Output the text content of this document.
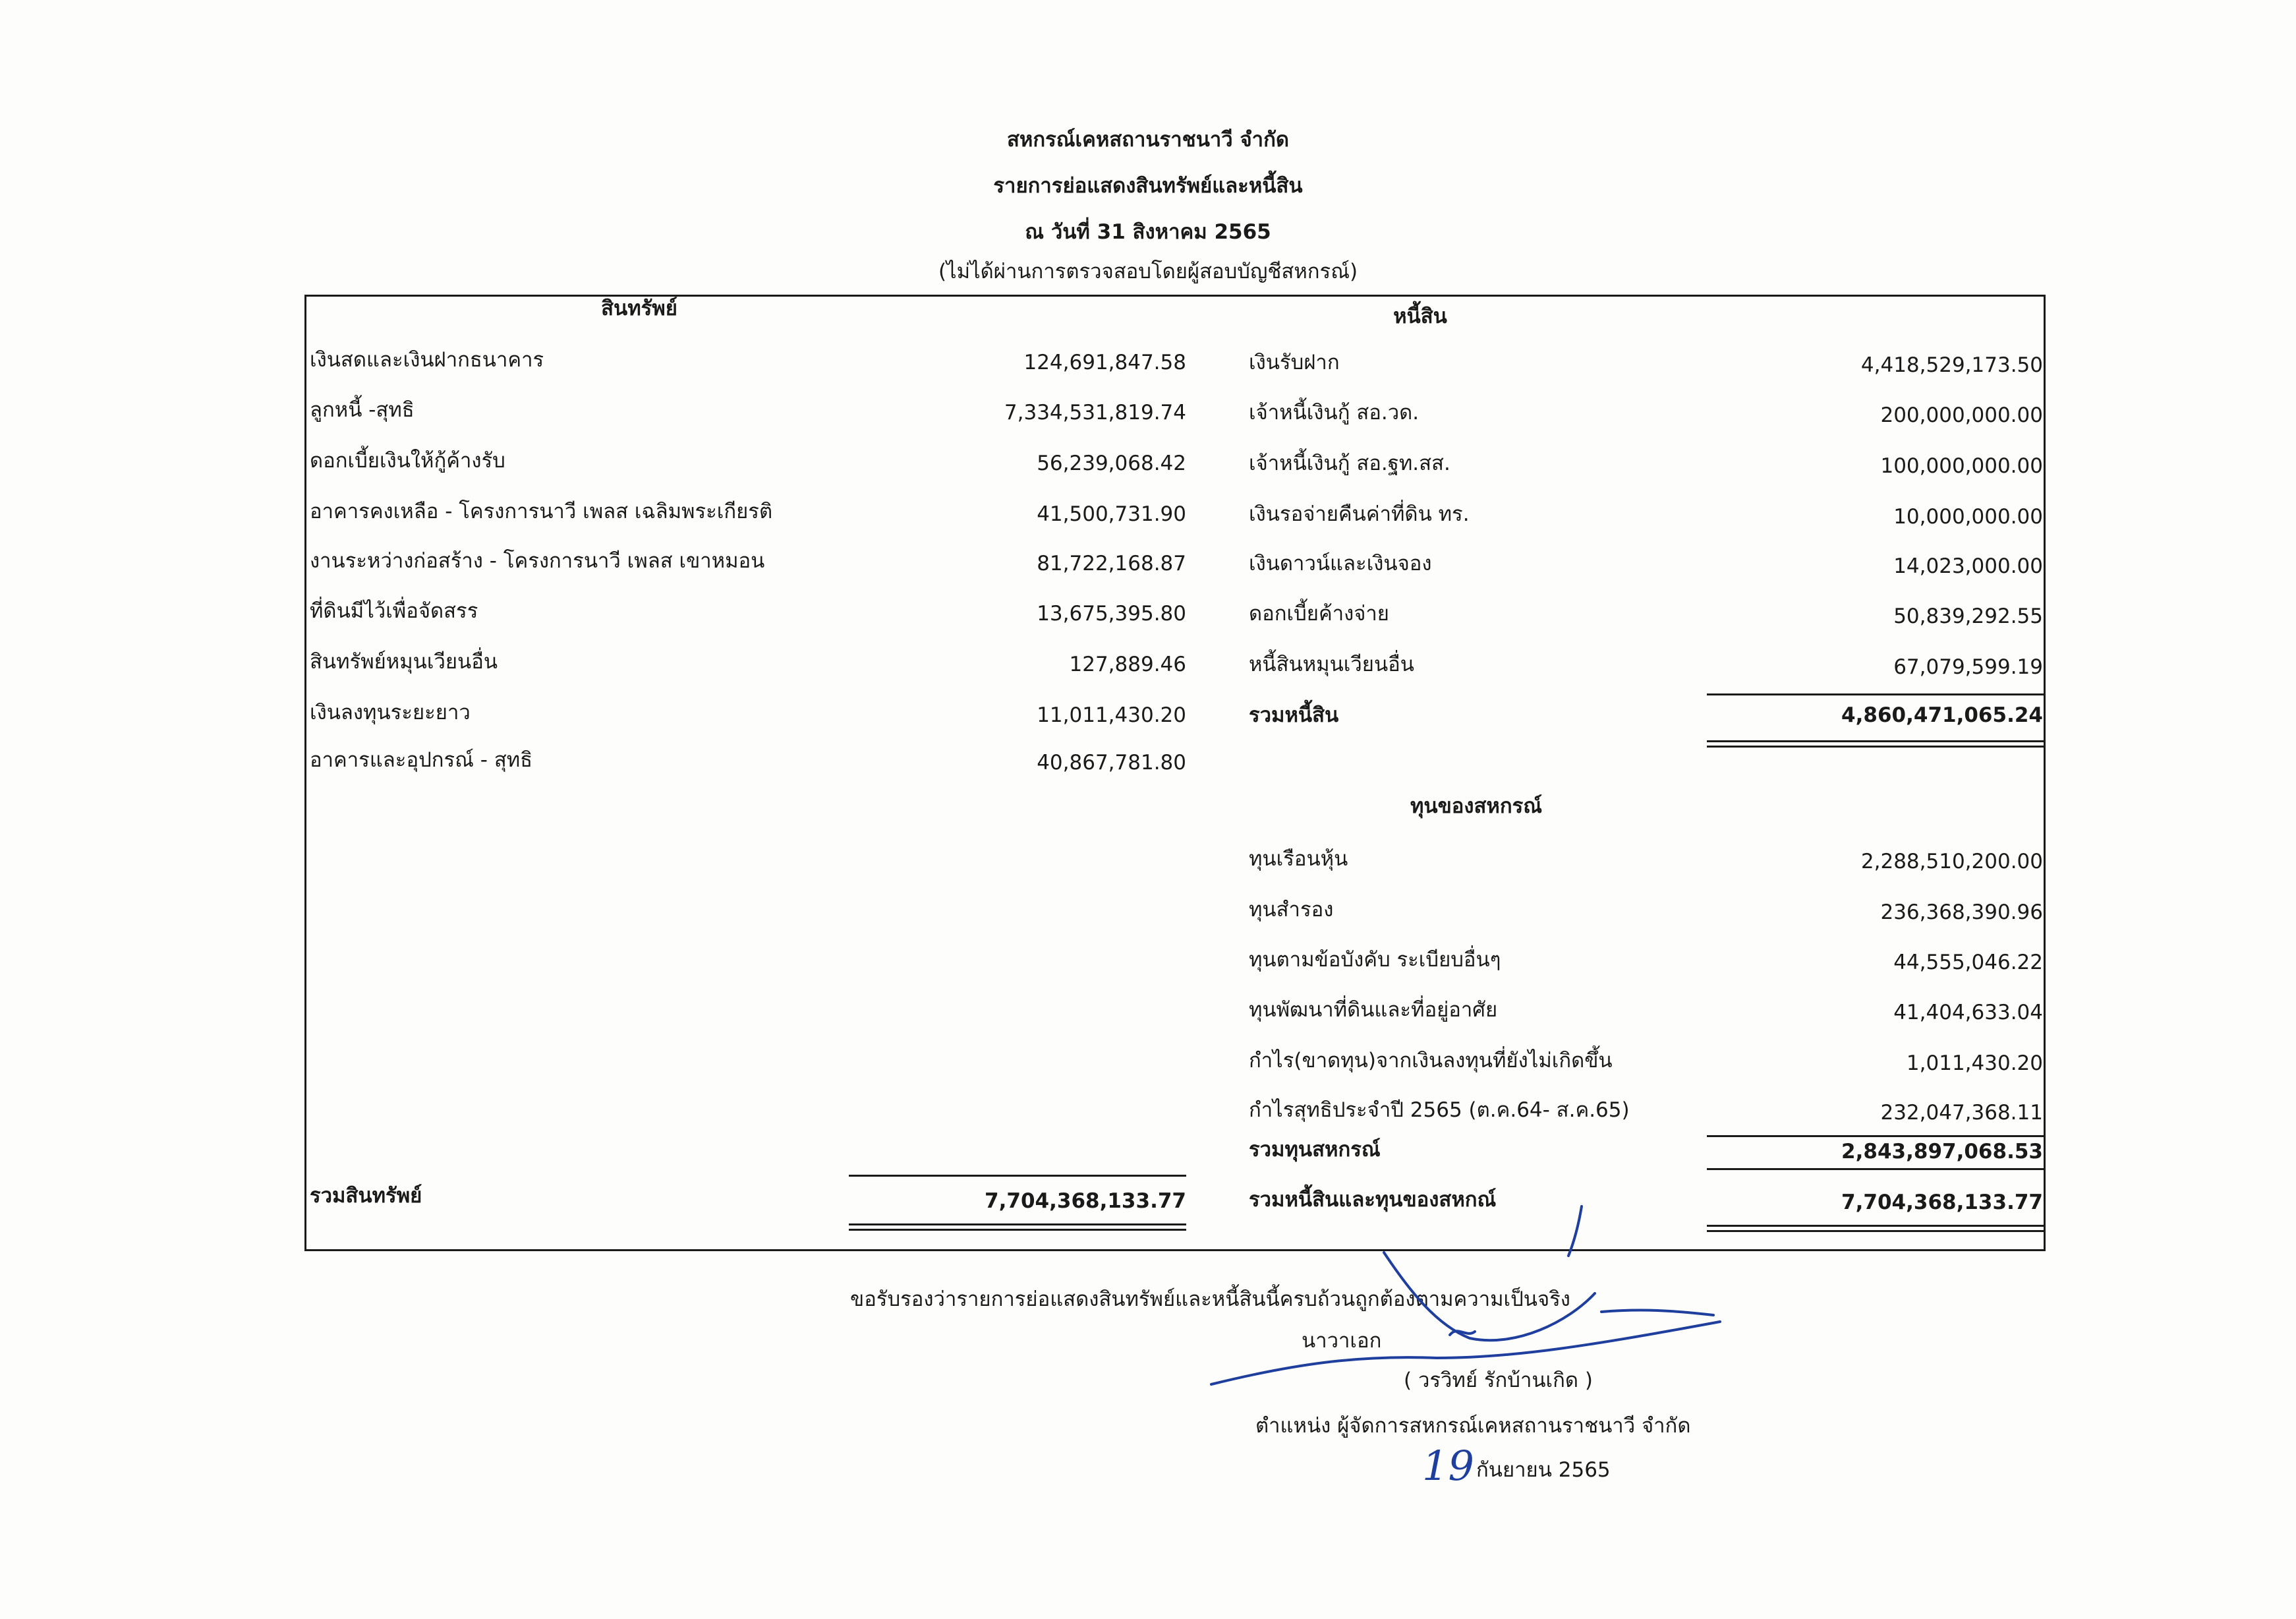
สหกรณ์เคหสถานราชนาวี จำกัด
รายการย่อแสดงสินทรัพย์และหนี้สิน
ณ วันที่ 31 สิงหาคม 2565
(ไม่ได้ผ่านการตรวจสอบโดยผู้สอบบัญชีสหกรณ์)
สินทรัพย์	หนี้สิน
เงินสดและเงินฝากธนาคาร	124,691,847.58
ลูกหนี้ -สุทธิ	7,334,531,819.74
ดอกเบี้ยเงินให้กู้ค้างรับ	56,239,068.42
อาคารคงเหลือ - โครงการนาวี เพลส เฉลิมพระเกียรติ	41,500,731.90
งานระหว่างก่อสร้าง - โครงการนาวี เพลส เขาหมอน	81,722,168.87
ที่ดินมีไว้เพื่อจัดสรร	13,675,395.80
สินทรัพย์หมุนเวียนอื่น	127,889.46
เงินลงทุนระยะยาว	11,011,430.20
อาคารและอุปกรณ์ - สุทธิ	40,867,781.80
เงินรับฝาก	4,418,529,173.50
เจ้าหนี้เงินกู้ สอ.วด.	200,000,000.00
เจ้าหนี้เงินกู้ สอ.ฐท.สส.	100,000,000.00
เงินรอจ่ายคืนค่าที่ดิน ทร.	10,000,000.00
เงินดาวน์และเงินจอง	14,023,000.00
ดอกเบี้ยค้างจ่าย	50,839,292.55
หนี้สินหมุนเวียนอื่น	67,079,599.19
รวมหนี้สิน	4,860,471,065.24
ทุนของสหกรณ์
ทุนเรือนหุ้น	2,288,510,200.00
ทุนสำรอง	236,368,390.96
ทุนตามข้อบังคับ ระเบียบอื่นๆ	44,555,046.22
ทุนพัฒนาที่ดินและที่อยู่อาศัย	41,404,633.04
กำไร(ขาดทุน)จากเงินลงทุนที่ยังไม่เกิดขึ้น	1,011,430.20
กำไรสุทธิประจำปี 2565 (ต.ค.64- ส.ค.65)	232,047,368.11
รวมทุนสหกรณ์	2,843,897,068.53
รวมหนี้สินและทุนของสหกณ์	7,704,368,133.77
รวมสินทรัพย์	7,704,368,133.77
ขอรับรองว่ารายการย่อแสดงสินทรัพย์และหนี้สินนี้ครบถ้วนถูกต้องตามความเป็นจริง
นาวาเอก
( วรวิทย์ รักบ้านเกิด )
ตำแหน่ง ผู้จัดการสหกรณ์เคหสถานราชนาวี จำกัด
19 กันยายน 2565
